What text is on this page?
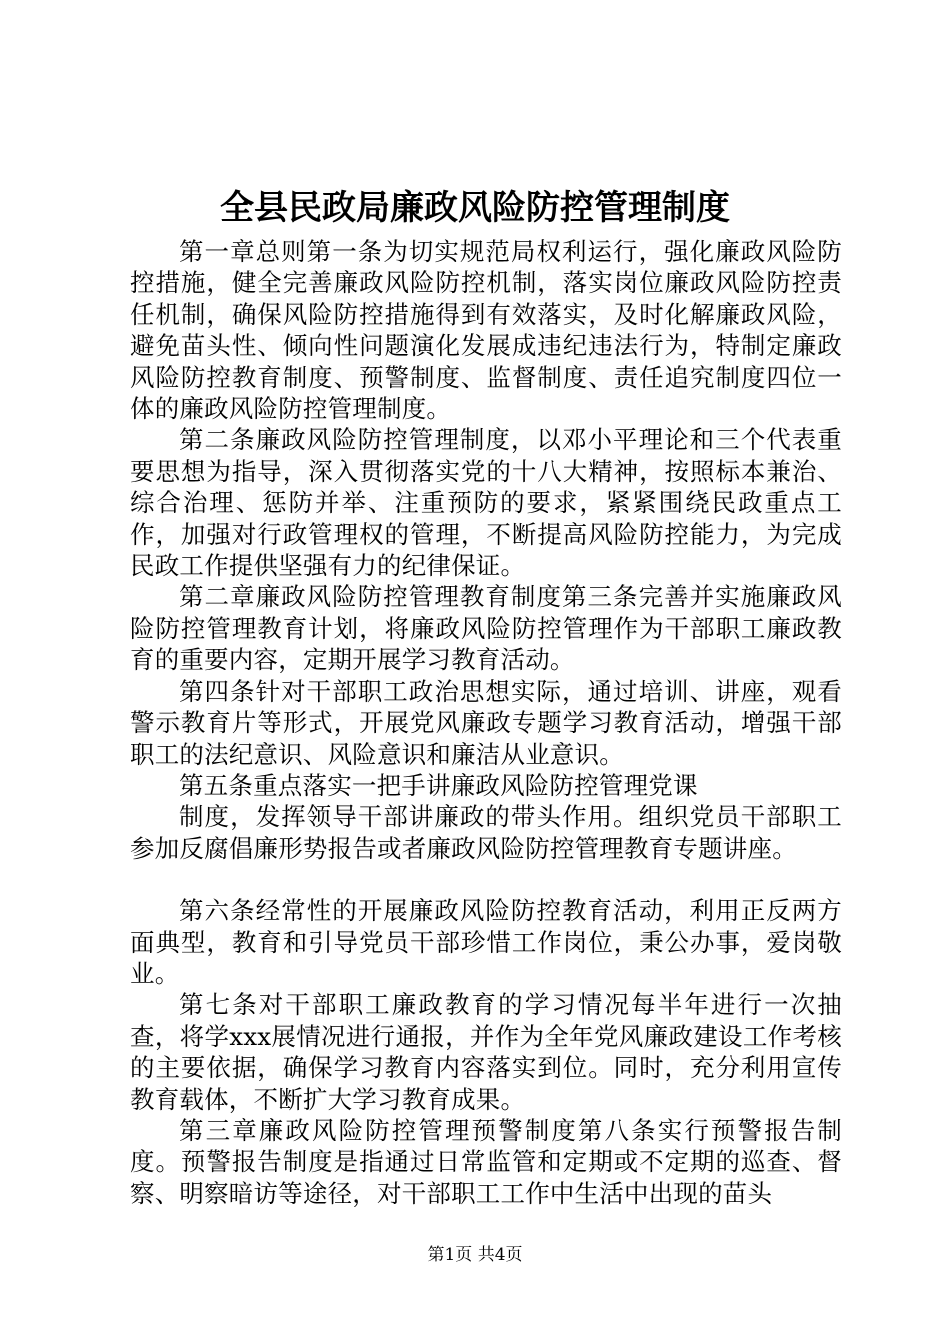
全县民政局廉政风险防控管理制度

第一章总则第一条为切实规范局权利运行，强化廉政风险防控措施，健全完善廉政风险防控机制，落实岗位廉政风险防控责任机制，确保风险防控措施得到有效落实，及时化解廉政风险，避免苗头性、倾向性问题演化发展成违纪违法行为，特制定廉政风险防控教育制度、预警制度、监督制度、责任追究制度四位一体的廉政风险防控管理制度。

第二条廉政风险防控管理制度，以邓小平理论和三个代表重要思想为指导，深入贯彻落实党的十八大精神，按照标本兼治、综合治理、惩防并举、注重预防的要求，紧紧围绕民政重点工作，加强对行政管理权的管理，不断提高风险防控能力，为完成民政工作提供坚强有力的纪律保证。

第二章廉政风险防控管理教育制度第三条完善并实施廉政风险防控管理教育计划，将廉政风险防控管理作为干部职工廉政教育的重要内容，定期开展学习教育活动。

第四条针对干部职工政治思想实际，通过培训、讲座，观看警示教育片等形式，开展党风廉政专题学习教育活动，增强干部职工的法纪意识、风险意识和廉洁从业意识。

第五条重点落实一把手讲廉政风险防控管理党课

制度，发挥领导干部讲廉政的带头作用。组织党员干部职工参加反腐倡廉形势报告或者廉政风险防控管理教育专题讲座。

第六条经常性的开展廉政风险防控教育活动，利用正反两方面典型，教育和引导党员干部珍惜工作岗位，秉公办事，爱岗敬业。

第七条对干部职工廉政教育的学习情况每半年进行一次抽查，将学xxx展情况进行通报，并作为全年党风廉政建设工作考核的主要依据，确保学习教育内容落实到位。同时，充分利用宣传教育载体，不断扩大学习教育成果。

第三章廉政风险防控管理预警制度第八条实行预警报告制度。预警报告制度是指通过日常监管和定期或不定期的巡查、督察、明察暗访等途径，对干部职工工作中生活中出现的苗头

第1页 共4页
